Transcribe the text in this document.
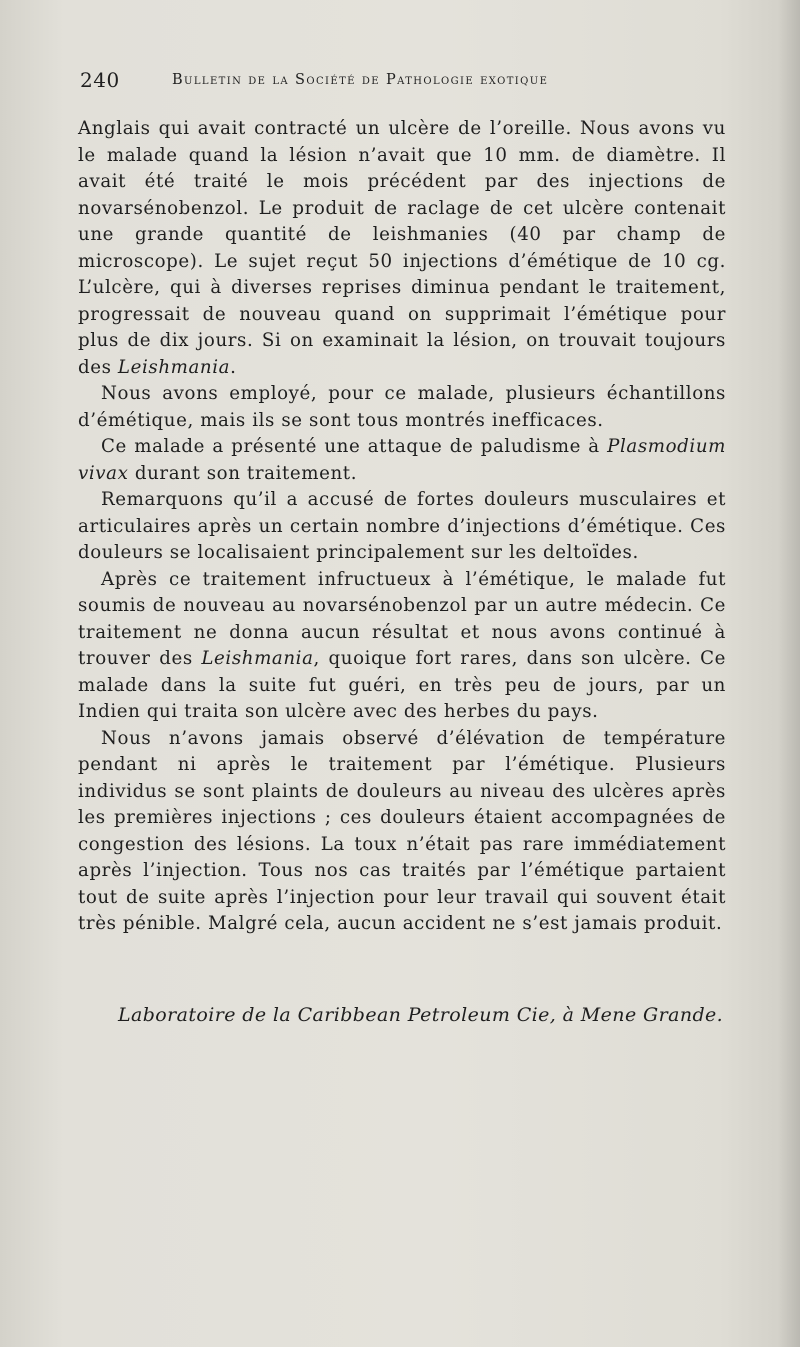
240	Bulletin de la Société de Pathologie exotique

Anglais qui avait contracté un ulcère de l’oreille. Nous avons vu le malade quand la lésion n’avait que 10 mm. de diamètre. Il avait été traité le mois précédent par des injections de novarsénobenzol. Le produit de raclage de cet ulcère contenait une grande quantité de leishmanies (40 par champ de microscope). Le sujet reçut 50 injections d’émétique de 10 cg. L’ulcère, qui à diverses reprises diminua pendant le traitement, progressait de nouveau quand on supprimait l’émétique pour plus de dix jours. Si on examinait la lésion, on trouvait toujours des Leishmania.

Nous avons employé, pour ce malade, plusieurs échantillons d’émétique, mais ils se sont tous montrés inefficaces.

Ce malade a présenté une attaque de paludisme à Plasmodium vivax durant son traitement.

Remarquons qu’il a accusé de fortes douleurs musculaires et articulaires après un certain nombre d’injections d’émétique. Ces douleurs se localisaient principalement sur les deltoïdes.

Après ce traitement infructueux à l’émétique, le malade fut soumis de nouveau au novarsénobenzol par un autre médecin. Ce traitement ne donna aucun résultat et nous avons continué à trouver des Leishmania, quoique fort rares, dans son ulcère. Ce malade dans la suite fut guéri, en très peu de jours, par un Indien qui traita son ulcère avec des herbes du pays.

Nous n’avons jamais observé d’élévation de température pendant ni après le traitement par l’émétique. Plusieurs individus se sont plaints de douleurs au niveau des ulcères après les premières injections ; ces douleurs étaient accompagnées de congestion des lésions. La toux n’était pas rare immédiatement après l’injection. Tous nos cas traités par l’émétique partaient tout de suite après l’injection pour leur travail qui souvent était très pénible. Malgré cela, aucun accident ne s’est jamais produit.

Laboratoire de la Caribbean Petroleum Cie, à Mene Grande.
